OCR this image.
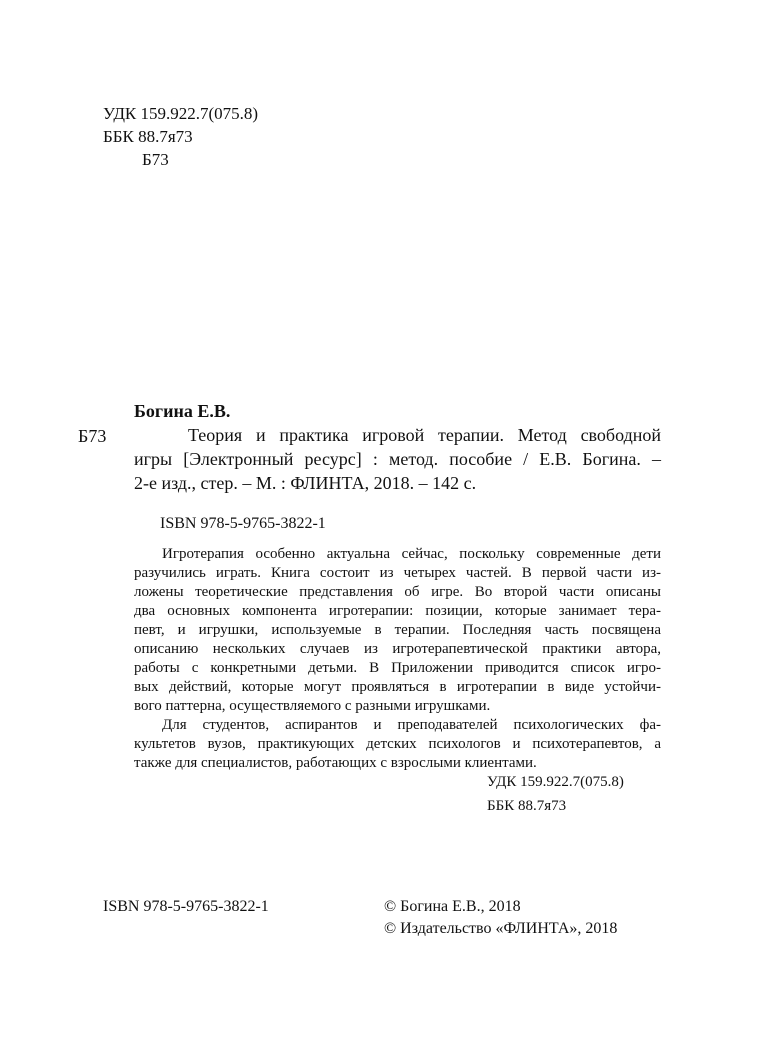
УДК 159.922.7(075.8)
ББК 88.7я73
Б73
Богина Е.В.
Б73	Теория и практика игровой терапии. Метод свободной
игры [Электронный ресурс] : метод. пособие / Е.В. Богина. –
2-е изд., стер. – М. : ФЛИНТА, 2018. – 142 с.
ISBN 978-5-9765-3822-1
Игротерапия особенно актуальна сейчас, поскольку современные дети
разучились играть. Книга состоит из четырех частей. В первой части из-
ложены теоретические представления об игре. Во второй части описаны
два основных компонента игротерапии: позиции, которые занимает тера-
певт, и игрушки, используемые в терапии. Последняя часть посвящена
описанию нескольких случаев из игротерапевтической практики автора,
работы с конкретными детьми. В Приложении приводится список игро-
вых действий, которые могут проявляться в игротерапии в виде устойчи-
вого паттерна, осуществляемого с разными игрушками.
Для студентов, аспирантов и преподавателей психологических фа-
культетов вузов, практикующих детских психологов и психотерапевтов, а
также для специалистов, работающих с взрослыми клиентами.
УДК 159.922.7(075.8)
ББК 88.7я73
ISBN 978-5-9765-3822-1	© Богина Е.В., 2018
© Издательство «ФЛИНТА», 2018
